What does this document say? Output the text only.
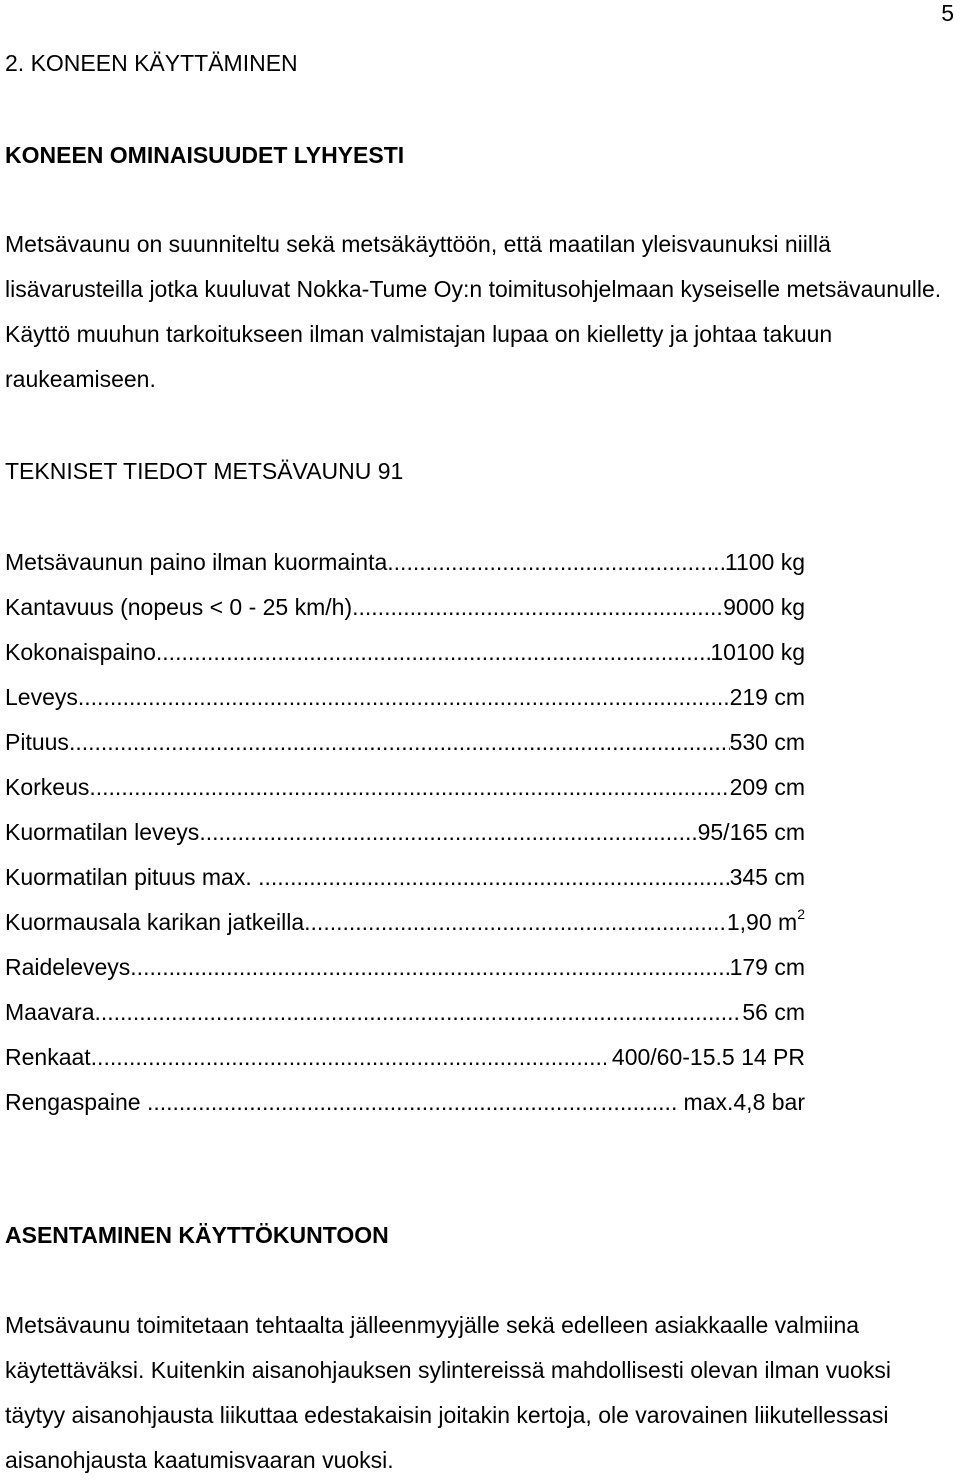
5
2. KONEEN KÄYTTÄMINEN
KONEEN OMINAISUUDET LYHYESTI

Metsävaunu on suunniteltu sekä metsäkäyttöön, että maatilan yleisvaunuksi niillä lisävarusteilla jotka kuuluvat Nokka-Tume Oy:n toimitusohjelmaan kyseiselle metsävaunulle. Käyttö muuhun tarkoitukseen ilman valmistajan lupaa on kielletty ja johtaa takuun raukeamiseen.

TEKNISET TIEDOT METSÄVAUNU 91
Metsävaunun paino ilman kuormainta .....	1100 kg
Kantavuus (nopeus < 0 - 25 km/h) .....	9000 kg
Kokonaispaino .....	10100 kg
Leveys .....	219 cm
Pituus .....	530 cm
Korkeus .....	209 cm
Kuormatilan leveys .....	95/165 cm
Kuormatilan pituus max. .....	345 cm
Kuormausala karikan jatkeilla .....	1,90 $m^2$
Raideleveys .....	179 cm
Maavara .....	56 cm
Renkaat .....	400/60-15.5 14 PR
Rengaspaine .....	max.4,8 bar
ASENTAMINEN KÄYTTÖKUNTOON

Metsävaunu toimitetaan tehtaalta jälleenmyyjälle sekä edelleen asiakkaalle valmiina käytettäväksi. Kuitenkin aisanohjauksen sylintereissä mahdollisesti olevan ilman vuoksi täytyy aisanohjausta liikuttaa edestakaisin joitakin kertoja, ole varovainen liikutellessasi aisanohjausta kaatumisvaaran vuoksi.
